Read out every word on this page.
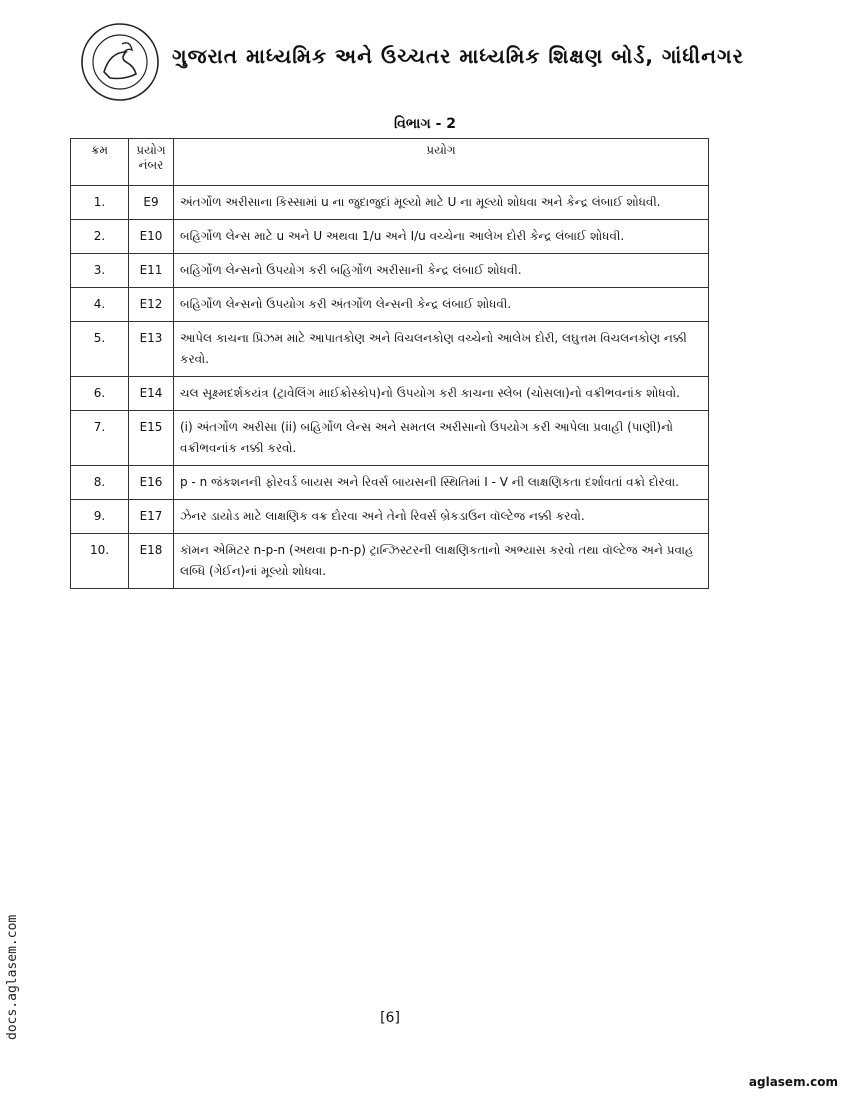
ગુજરાત માધ્યમિક અને ઉચ્ચતર માધ્યમિક શિક્ષણ બોર્ડ, ગાંધીનગર
વિભાગ - 2
ક્રમ	પ્રયોગ નંબર	પ્રયોગ
1.	E9	અંતર્ગોળ અરીસાના કિસ્સામાં u ના જુદાજુદાં મૂલ્યો માટે U ના મૂલ્યો શોધવા અને કેન્દ્ર લંબાઈ શોધવી.
2.	E10	બહિર્ગોળ લેન્સ માટે u અને U અથવા 1/u અને I/u વચ્ચેના આલેખ દોરી કેન્દ્ર લંબાઈ શોધવી.
3.	E11	બહિર્ગોળ લેન્સનો ઉપયોગ કરી બહિર્ગોળ અરીસાની કેન્દ્ર લંબાઈ શોધવી.
4.	E12	બહિર્ગોળ લેન્સનો ઉપયોગ કરી અંતર્ગોળ લેન્સની કેન્દ્ર લંબાઈ શોધવી.
5.	E13	આપેલ કાચના પ્રિઝમ માટે આપાતકોણ અને વિચલનકોણ વચ્ચેનો આલેખ દોરી, લઘુત્તમ વિચલનકોણ નક્કી કરવો.
6.	E14	ચલ સૂક્ષ્મદર્શકયંત્ર (ટ્રાવેલિંગ માઈક્રોસ્કોપ)નો ઉપયોગ કરી કાચના સ્લેબ (ચોસલા)નો વક્રીભવનાંક શોધવો.
7.	E15	(i) અંતર્ગોળ અરીસા (ii) બહિર્ગોળ લેન્સ અને સમતલ અરીસાનો ઉપયોગ કરી આપેલા પ્રવાહી (પાણી)નો વક્રીભવનાંક નક્કી કરવો.
8.	E16	p - n જંકશનની ફોરવર્ડ બાયસ અને રિવર્સ બાયસની સ્થિતિમાં I - V ની લાક્ષણિકતા દર્શાવતાં વક્રો દોરવા.
9.	E17	ઝેનર ડાયોડ માટે લાક્ષણિક વક્ર દોરવા અને તેનો રિવર્સ બ્રેકડાઉન વૉલ્ટેજ નક્કી કરવો.
10.	E18	કૉમન એમિટર n-p-n (અથવા p-n-p) ટ્રાન્ઝિસ્ટરની લાક્ષણિકતાનો અભ્યાસ કરવો તથા વૉલ્ટેજ અને પ્રવાહ લબ્ધિ (ગેઈન)નાં મૂલ્યો શોધવા.
[6]
docs.aglasem.com
aglasem.com
